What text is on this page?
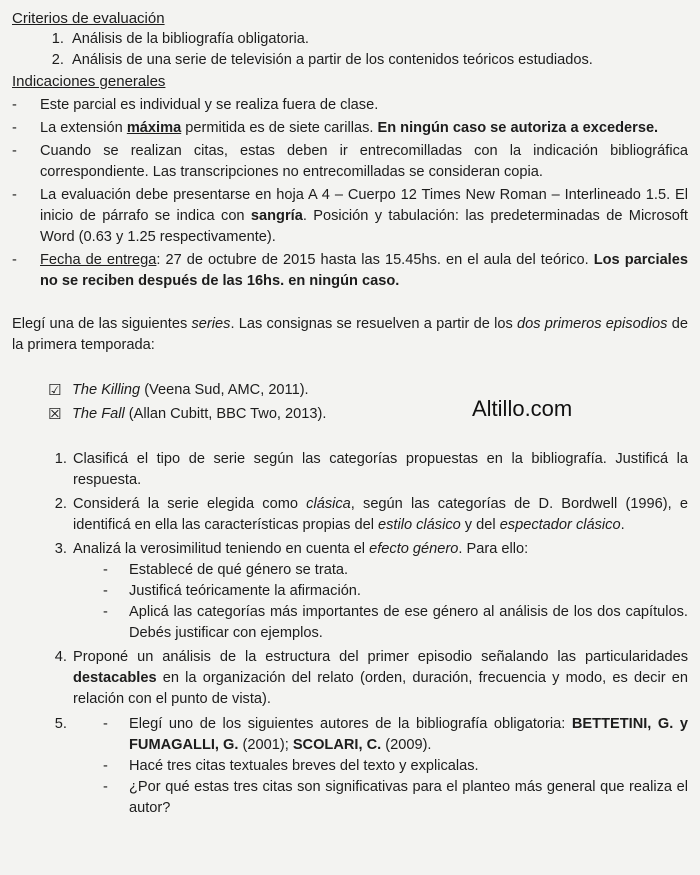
Criterios de evaluación
1. Análisis de la bibliografía obligatoria.
2. Análisis de una serie de televisión a partir de los contenidos teóricos estudiados.
Indicaciones generales
- Este parcial es individual y se realiza fuera de clase.
- La extensión máxima permitida es de siete carillas. En ningún caso se autoriza a excederse.
- Cuando se realizan citas, estas deben ir entrecomilladas con la indicación bibliográfica correspondiente. Las transcripciones no entrecomilladas se consideran copia.
- La evaluación debe presentarse en hoja A 4 – Cuerpo 12 Times New Roman – Interlineado 1.5. El inicio de párrafo se indica con sangría. Posición y tabulación: las predeterminadas de Microsoft Word (0.63 y 1.25 respectivamente).
- Fecha de entrega: 27 de octubre de 2015 hasta las 15.45hs. en el aula del teórico. Los parciales no se reciben después de las 16hs. en ningún caso.

Elegí una de las siguientes series. Las consignas se resuelven a partir de los dos primeros episodios de la primera temporada:

☑ The Killing (Veena Sud, AMC, 2011).
☒ The Fall (Allan Cubitt, BBC Two, 2013).	Altillo.com
1. Clasificá el tipo de serie según las categorías propuestas en la bibliografía. Justificá la respuesta.
2. Considerá la serie elegida como clásica, según las categorías de D. Bordwell (1996), e identificá en ella las características propias del estilo clásico y del espectador clásico.
3. Analizá la verosimilitud teniendo en cuenta el efecto género. Para ello:
- Establecé de qué género se trata.
- Justificá teóricamente la afirmación.
- Aplicá las categorías más importantes de ese género al análisis de los dos capítulos. Debés justificar con ejemplos.
4. Proponé un análisis de la estructura del primer episodio señalando las particularidades destacables en la organización del relato (orden, duración, frecuencia y modo, es decir en relación con el punto de vista).
- 5. Elegí uno de los siguientes autores de la bibliografía obligatoria: BETTETINI, G. y FUMAGALLI, G. (2001); SCOLARI, C. (2009).
- Hacé tres citas textuales breves del texto y explicalas.
- ¿Por qué estas tres citas son significativas para el planteo más general que realiza el autor?
